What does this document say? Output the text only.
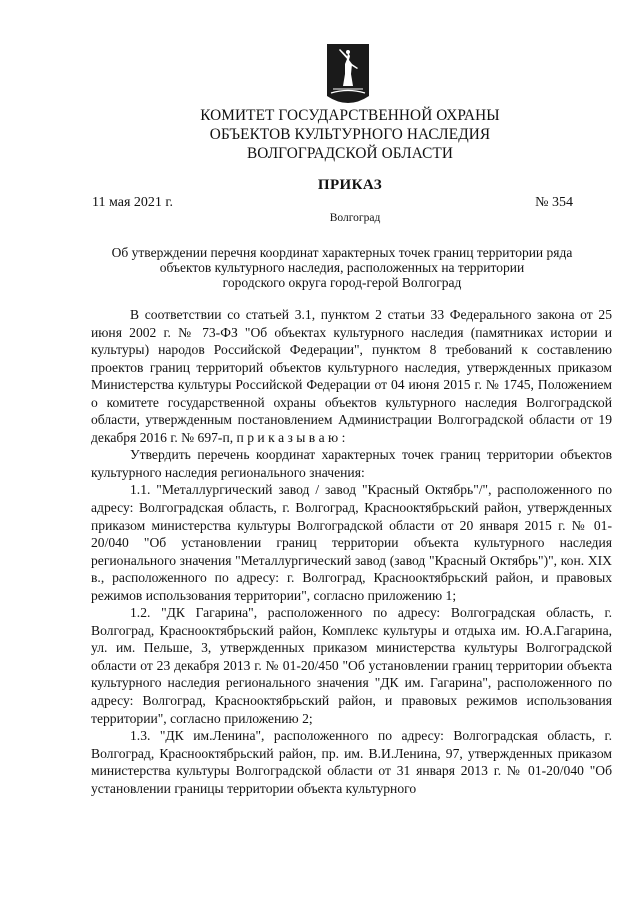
КОМИТЕТ ГОСУДАРСТВЕННОЙ ОХРАНЫ
ОБЪЕКТОВ КУЛЬТУРНОГО НАСЛЕДИЯ
ВОЛГОГРАДСКОЙ ОБЛАСТИ
ПРИКАЗ
11 мая 2021 г.	№ 354
Волгоград
Об утверждении перечня координат характерных точек границ территории ряда
объектов культурного наследия, расположенных на территории
городского округа город-герой Волгоград

В соответствии со статьей 3.1, пунктом 2 статьи 33 Федерального закона от 25 июня 2002 г. № 73-ФЗ "Об объектах культурного наследия (памятниках истории и культуры) народов Российской Федерации", пунктом 8 требований к составлению проектов границ территорий объектов культурного наследия, утвержденных приказом Министерства культуры Российской Федерации от 04 июня 2015 г. № 1745, Положением о комитете государственной охраны объектов культурного наследия Волгоградской области, утвержденным постановлением Администрации Волгоградской области от 19 декабря 2016 г. № 697-п, п р и к а з ы в а ю :

Утвердить перечень координат характерных точек границ территории объектов культурного наследия регионального значения:

1.1. "Металлургический завод / завод "Красный Октябрь"/", расположенного по адресу: Волгоградская область, г. Волгоград, Краснооктябрьский район, утвержденных приказом министерства культуры Волгоградской области от 20 января 2015 г. № 01-20/040 "Об установлении границ территории объекта культурного наследия регионального значения "Металлургический завод (завод "Красный Октябрь")", кон. XIX в., расположенного по адресу: г. Волгоград, Краснооктябрьский район, и правовых режимов использования территории", согласно приложению 1;

1.2. "ДК Гагарина", расположенного по адресу: Волгоградская область, г. Волгоград, Краснооктябрьский район, Комплекс культуры и отдыха им. Ю.А.Гагарина, ул. им. Пельше, 3, утвержденных приказом министерства культуры Волгоградской области от 23 декабря 2013 г. № 01-20/450 "Об установлении границ территории объекта культурного наследия регионального значения "ДК им. Гагарина", расположенного по адресу: Волгоград, Краснооктябрьский район, и правовых режимов использования территории", согласно приложению 2;

1.3. "ДК им.Ленина", расположенного по адресу: Волгоградская область, г. Волгоград, Краснооктябрьский район, пр. им. В.И.Ленина, 97, утвержденных приказом министерства культуры Волгоградской области от 31 января 2013 г. № 01-20/040 "Об установлении границы территории объекта культурного
